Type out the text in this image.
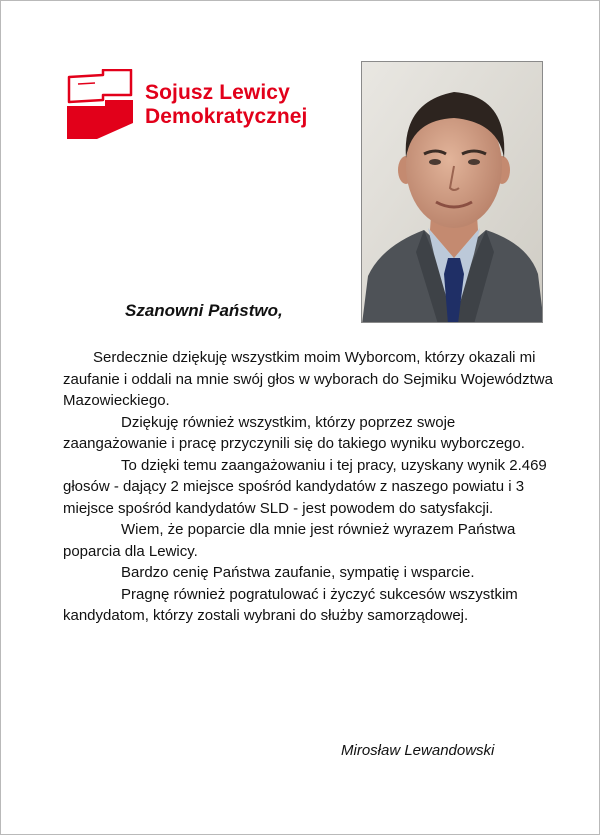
Sojusz Lewicy
Demokratycznej
Szanowni Państwo,

Serdecznie dziękuję wszystkim moim Wyborcom, którzy okazali mi zaufanie i oddali na mnie swój głos w wyborach do Sejmiku Województwa Mazowieckiego.

Dziękuję również wszystkim, którzy poprzez swoje zaangażowanie i pracę przyczynili się do takiego wyniku wyborczego.

To dzięki temu zaangażowaniu i tej pracy, uzyskany wynik 2.469 głosów - dający 2 miejsce spośród kandydatów z naszego powiatu i 3 miejsce spośród kandydatów SLD - jest powodem do satysfakcji.

Wiem, że poparcie dla mnie jest również wyrazem Państwa poparcia dla Lewicy.

Bardzo cenię Państwa zaufanie, sympatię i wsparcie.

Pragnę również pogratulować i życzyć sukcesów wszystkim kandydatom, którzy zostali wybrani do służby samorządowej.

Mirosław Lewandowski
